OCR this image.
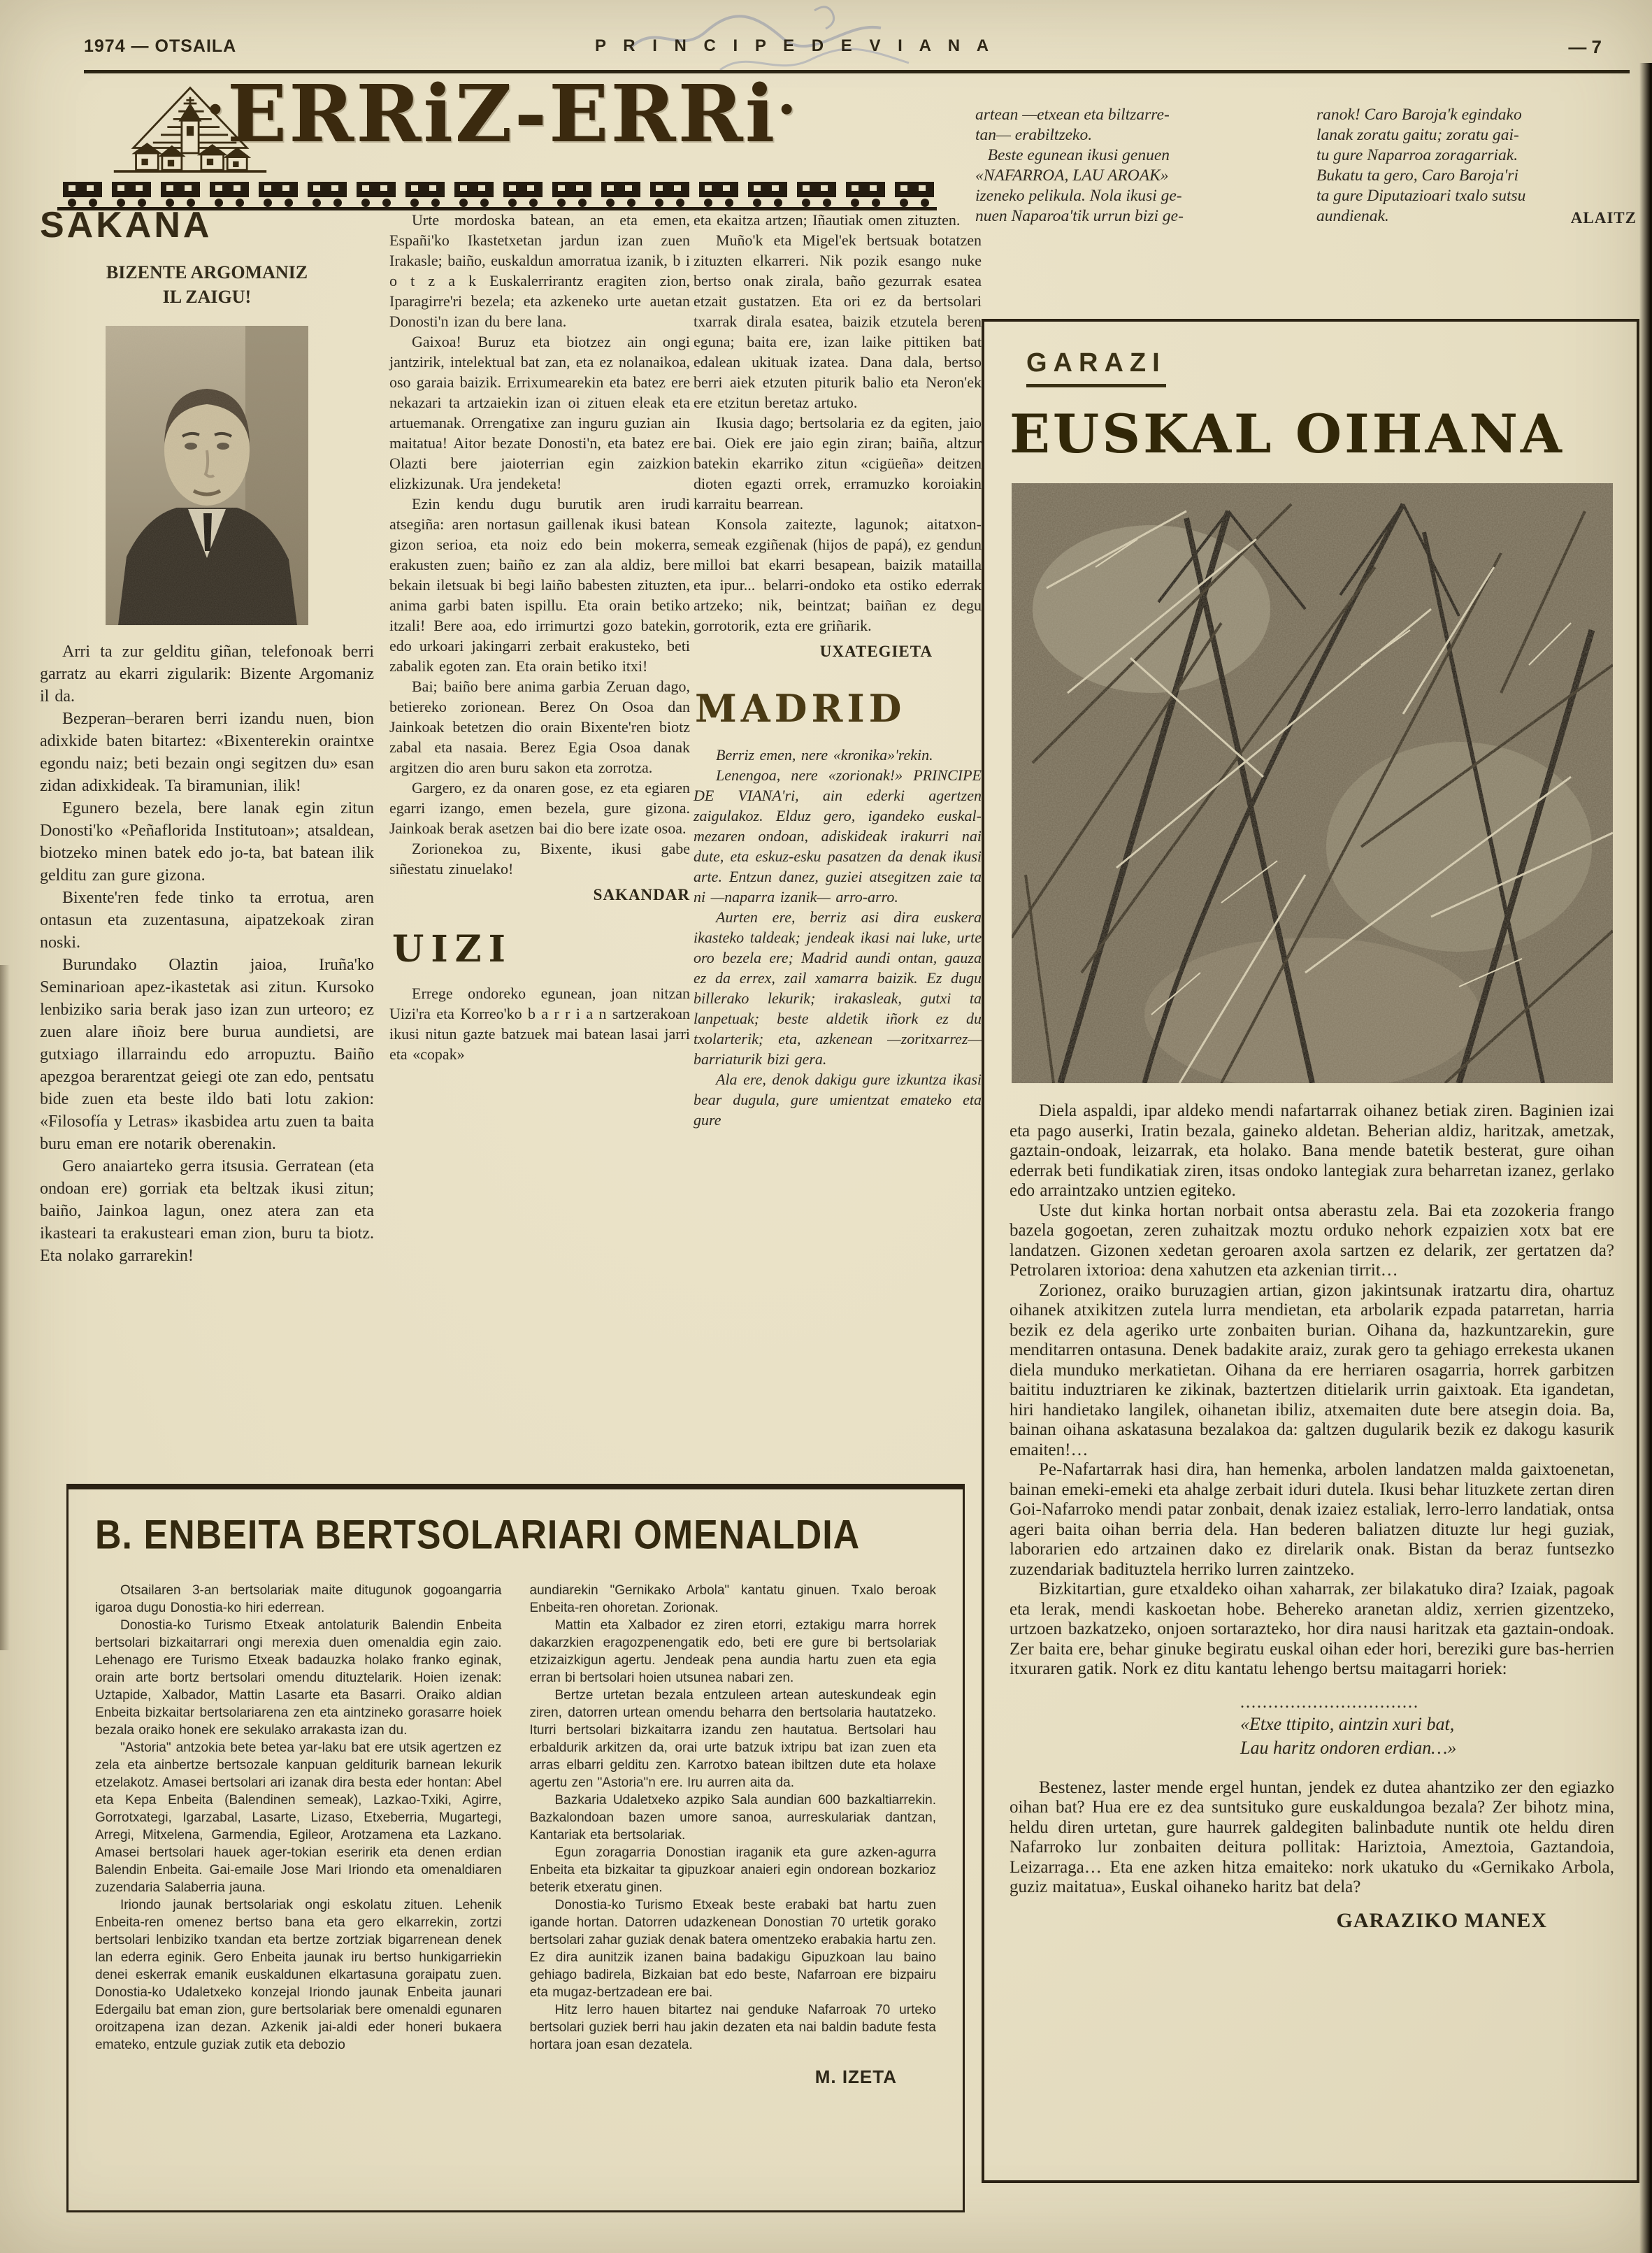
1974 — OTSAILA	P R I N C I P E D E V I A N A	— 7
·ERRiZ-ERRi·	artean —etxean eta biltzarre-
tan— erabiltzeko.
Beste egunean ikusi genuen
«NAFARROA, LAU AROAK»
izeneko pelikula. Nola ikusi ge-
nuen Naparoa'tik urrun bizi ge-
ranok! Caro Baroja'k egindako
lanak zoratu gaitu; zoratu gai-
tu gure Naparroa zoragarriak.
Bukatu ta gero, Caro Baroja'ri
ta gure Diputazioari txalo sutsu
aundienak.	ALAITZ
SAKANA
BIZENTE ARGOMANIZ
IL ZAIGU!

Arri ta zur gelditu giñan, telefonoak berri garratz au ekarri zigularik: Bizente Argomaniz il da.

Bezperan–beraren berri izandu nuen, bion adixkide baten bitartez: «Bixenterekin oraintxe egondu naiz; beti bezain ongi segitzen du» esan zidan adixkideak. Ta biramunian, ilik!

Egunero bezela, bere lanak egin zitun Donosti'ko «Peñaflorida Institutoan»; atsaldean, biotzeko minen batek edo jo-ta, bat batean ilik gelditu zan gure gizona.

Bixente'ren fede tinko ta errotua, aren ontasun eta zuzentasuna, aipatzekoak ziran noski.

Burundako Olaztin jaioa, Iruña'ko Seminarioan apez-ikastetak asi zitun. Kursoko lenbiziko saria berak jaso izan zun urteoro; ez zuen alare iñoiz bere burua aundietsi, are gutxiago illarraindu edo arropuztu. Baiño apezgoa berarentzat geiegi ote zan edo, pentsatu bide zuen eta beste ildo bati lotu zakion: «Filosofía y Letras» ikasbidea artu zuen ta baita buru eman ere notarik oberenakin.

Gero anaiarteko gerra itsusia. Gerratean (eta ondoan ere) gorriak eta beltzak ikusi zitun; baiño, Jainkoa lagun, onez atera zan eta ikasteari ta erakusteari eman zion, buru ta biotz. Eta nolako garrarekin!

Urte mordoska batean, an eta emen, Españi'ko Ikastetxetan jardun izan zuen Irakasle; baiño, euskaldun amorratua izanik, b i o t z a k Euskalerrirantz eragiten zion, Iparagirre'ri bezela; eta azkeneko urte auetan Donosti'n izan du bere lana.

Gaixoa! Buruz eta biotzez ain ongi jantzirik, intelektual bat zan, eta ez nolanaikoa, oso garaia baizik. Errixumearekin eta batez ere nekazari ta artzaiekin izan oi zituen eleak eta artuemanak. Orrengatixe zan inguru guzian ain maitatua! Aitor bezate Donosti'n, eta batez ere Olazti bere jaioterrian egin zaizkion elizkizunak. Ura jendeketa!

Ezin kendu dugu burutik aren irudi atsegiña: aren nortasun gaillenak ikusi batean gizon serioa, eta noiz edo bein mokerra, erakusten zuen; baiño ez zan ala aldiz, bere bekain iletsuak bi begi laiño babesten zituzten, anima garbi baten ispillu. Eta orain betiko itzali! Bere aoa, edo irrimurtzi gozo batekin, edo urkoari jakingarri zerbait erakusteko, beti zabalik egoten zan. Eta orain betiko itxi!

Bai; baiño bere anima garbia Zeruan dago, betiereko zorionean. Berez On Osoa dan Jainkoak betetzen dio orain Bixente'ren biotz zabal eta nasaia. Berez Egia Osoa danak argitzen dio aren buru sakon eta zorrotza.

Gargero, ez da onaren gose, ez eta egiaren egarri izango, emen bezela, gure gizona. Jainkoak berak asetzen bai dio bere izate osoa.

Zorionekoa zu, Bixente, ikusi gabe siñestatu zinuelako!

SAKANDAR
UIZI

Errege ondoreko egunean, joan nitzan Uizi'ra eta Korreo'ko b a r r i a n sartzerakoan ikusi nitun gazte batzuek mai batean lasai jarri eta «copak»

eta ekaitza artzen; Iñautiak omen zituzten.

Muño'k eta Migel'ek bertsuak botatzen zituzten elkarreri. Nik pozik esango nuke bertso onak zirala, baño gezurrak esatea etzait gustatzen. Eta ori ez da bertsolari txarrak dirala esatea, baizik etzutela beren eguna; baita ere, izan laike pittiken bat edalean ukituak izatea. Dana dala, bertso berri aiek etzuten piturik balio eta Neron'ek ere etzitun beretaz artuko.

Ikusia dago; bertsolaria ez da egiten, jaio bai. Oiek ere jaio egin ziran; baiña, altzur batekin ekarriko zitun «cigüeña» deitzen dioten egazti orrek, erramuzko koroiakin karraitu bearrean.

Konsola zaitezte, lagunok; aitatxon-semeak ezgiñenak (hijos de papá), ez gendun milloi bat ekarri besapean, baizik matailla eta ipur... belarri-ondoko eta ostiko ederrak artzeko; nik, beintzat; baiñan ez degu gorrotorik, ezta ere griñarik.

UXATEGIETA
MADRID

Berriz emen, nere «kronika»'rekin.

Lenengoa, nere «zorionak!» PRINCIPE DE VIANA'ri, ain ederki agertzen zaigulakoz. Elduz gero, igandeko euskal-mezaren ondoan, adiskideak irakurri nai dute, eta eskuz-esku pasatzen da denak ikusi arte. Entzun danez, guziei atsegitzen zaie ta ni —naparra izanik— arro-arro.

Aurten ere, berriz asi dira euskera ikasteko taldeak; jendeak ikasi nai luke, urte oro bezela ere; Madrid aundi ontan, gauza ez da errex, zail xamarra baizik. Ez dugu billerako lekurik; irakasleak, gutxi ta lanpetuak; beste aldetik iñork ez du txolarterik; eta, azkenean —zoritxarrez— barriaturik bizi gera.

Ala ere, denok dakigu gure izkuntza ikasi bear dugula, gure umientzat emateko eta gure

GARAZI
EUSKAL OIHANA

Diela aspaldi, ipar aldeko mendi nafartarrak oihanez betiak ziren. Baginien izai eta pago auserki, Iratin bezala, gaineko aldetan. Beherian aldiz, haritzak, ametzak, gaztain-ondoak, leizarrak, eta holako. Bana mende batetik besterat, gure oihan ederrak beti fundikatiak ziren, itsas ondoko lantegiak zura beharretan izanez, gerlako edo arraintzako untzien egiteko.

Uste dut kinka hortan norbait ontsa aberastu zela. Bai eta zozokeria frango bazela gogoetan, zeren zuhaitzak moztu orduko nehork ezpaizien xotx bat ere landatzen. Gizonen xedetan geroaren axola sartzen ez delarik, zer gertatzen da? Petrolaren ixtorioa: dena xahutzen eta azkenian tirrit…

Zorionez, oraiko buruzagien artian, gizon jakintsunak iratzartu dira, ohartuz oihanek atxikitzen zutela lurra mendietan, eta arbolarik ezpada patarretan, harria bezik ez dela ageriko urte zonbaiten burian. Oihana da, hazkuntzarekin, gure menditarren ontasuna. Denek badakite araiz, zurak gero ta gehiago errekesta ukanen diela munduko merkatietan. Oihana da ere herriaren osagarria, horrek garbitzen baititu induztriaren ke zikinak, baztertzen ditielarik urrin gaixtoak. Eta igandetan, hiri handietako langilek, oihanetan ibiliz, atxemaiten dute bere atsegin doia. Ba, bainan oihana askatasuna bezalakoa da: galtzen dugularik bezik ez dakogu kasurik emaiten!…

Pe-Nafartarrak hasi dira, han hemenka, arbolen landatzen malda gaixtoenetan, bainan emeki-emeki eta ahalge zerbait iduri dutela. Ikusi behar lituzkete zertan diren Goi-Nafarroko mendi patar zonbait, denak izaiez estaliak, lerro-lerro landatiak, ontsa ageri baita oihan berria dela. Han bederen baliatzen dituzte lur hegi guziak, laborarien edo artzainen dako ez direlarik onak. Bistan da beraz funtsezko zuzendariak badituztela herriko lurren zaintzeko.

Bizkitartian, gure etxaldeko oihan xaharrak, zer bilakatuko dira? Izaiak, pagoak eta lerak, mendi kaskoetan hobe. Behereko aranetan aldiz, xerrien gizentzeko, urtzoen bazkatzeko, onjoen sortarazteko, hor dira nausi haritzak eta gaztain-ondoak. Zer baita ere, behar ginuke begiratu euskal oihan eder hori, bereziki gure bas-herrien itxuraren gatik. Nork ez ditu kantatu lehengo bertsu maitagarri horiek:

................................
«Etxe ttipito, aintzin xuri bat,
Lau haritz ondoren erdian…»

Bestenez, laster mende ergel huntan, jendek ez dutea ahantziko zer den egiazko oihan bat? Hua ere ez dea suntsituko gure euskaldungoa bezala? Zer bihotz mina, heldu diren urtetan, gure haurrek galdegiten balinbadute nuntik ote heldu diren Nafarroko lur zonbaiten deitura pollitak: Hariztoia, Ameztoia, Gaztandoia, Leizarraga… Eta ene azken hitza emaiteko: nork ukatuko du «Gernikako Arbola, guziz maitatua», Euskal oihaneko haritz bat dela?

GARAZIKO MANEX
B. ENBEITA BERTSOLARIARI OMENALDIA

Otsailaren 3-an bertsolariak maite ditugunok gogoangarria igaroa dugu Donostia-ko hiri ederrean.

Donostia-ko Turismo Etxeak antolaturik Balendin Enbeita bertsolari bizkaitarrari ongi merexia duen omenaldia egin zaio. Lehenago ere Turismo Etxeak badauzka holako franko eginak, orain arte bortz bertsolari omendu dituztelarik. Hoien izenak: Uztapide, Xalbador, Mattin Lasarte eta Basarri. Oraiko aldian Enbeita bizkaitar bertsolariarena zen eta aintzineko gorasarre hoiek bezala oraiko honek ere sekulako arrakasta izan du.

"Astoria" antzokia bete betea yar-laku bat ere utsik agertzen ez zela eta ainbertze bertsozale kanpuan gelditurik barnean lekurik etzelakotz. Amasei bertsolari ari izanak dira besta eder hontan: Abel eta Kepa Enbeita (Balendinen semeak), Lazkao-Txiki, Agirre, Gorrotxategi, Igarzabal, Lasarte, Lizaso, Etxeberria, Mugartegi, Arregi, Mitxelena, Garmendia, Egileor, Arotzamena eta Lazkano. Amasei bertsolari hauek ager-tokian eseririk eta denen erdian Balendin Enbeita. Gai-emaile Jose Mari Iriondo eta omenaldiaren zuzendaria Salaberria jauna.

Iriondo jaunak bertsolariak ongi eskolatu zituen. Lehenik Enbeita-ren omenez bertso bana eta gero elkarrekin, zortzi bertsolari lenbiziko txandan eta bertze zortziak bigarrenean denek lan ederra eginik. Gero Enbeita jaunak iru bertso hunkigarriekin denei eskerrak emanik euskaldunen elkartasuna goraipatu zuen. Donostia-ko Udaletxeko konzejal Iriondo jaunak Enbeita jaunari Edergailu bat eman zion, gure bertsolariak bere omenaldi egunaren oroitzapena izan dezan. Azkenik jai-aldi eder honeri bukaera emateko, entzule guziak zutik eta debozio

aundiarekin "Gernikako Arbola" kantatu ginuen. Txalo beroak Enbeita-ren ohoretan. Zorionak.

Mattin eta Xalbador ez ziren etorri, eztakigu marra horrek dakarzkien eragozpenengatik edo, beti ere gure bi bertsolariak etzizaizkigun agertu. Jendeak pena aundia hartu zuen eta egia erran bi bertsolari hoien utsunea nabari zen.

Bertze urtetan bezala entzuleen artean auteskundeak egin ziren, datorren urtean omendu beharra den bertsolaria hautatzeko. Iturri bertsolari bizkaitarra izandu zen hautatua. Bertsolari hau erbaldurik arkitzen da, orai urte batzuk ixtripu bat izan zuen eta arras elbarri gelditu zen. Karrotxo batean ibiltzen dute eta holaxe agertu zen "Astoria"n ere. Iru aurren aita da.

Bazkaria Udaletxeko azpiko Sala aundian 600 bazkaltiarrekin. Bazkalondoan bazen umore sanoa, aurreskulariak dantzan, Kantariak eta bertsolariak.

Egun zoragarria Donostian iraganik eta gure azken-agurra Enbeita eta bizkaitar ta gipuzkoar anaieri egin ondorean bozkarioz beterik etxeratu ginen.

Donostia-ko Turismo Etxeak beste erabaki bat hartu zuen igande hortan. Datorren udazkenean Donostian 70 urtetik gorako bertsolari zahar guziak denak batera omentzeko erabakia hartu zen. Ez dira aunitzik izanen baina badakigu Gipuzkoan lau baino gehiago badirela, Bizkaian bat edo beste, Nafarroan ere bizpairu eta mugaz-bertzadean ere bai.

Hitz lerro hauen bitartez nai genduke Nafarroak 70 urteko bertsolari guziek berri hau jakin dezaten eta nai baldin badute festa hortara joan esan dezatela.

M. IZETA
